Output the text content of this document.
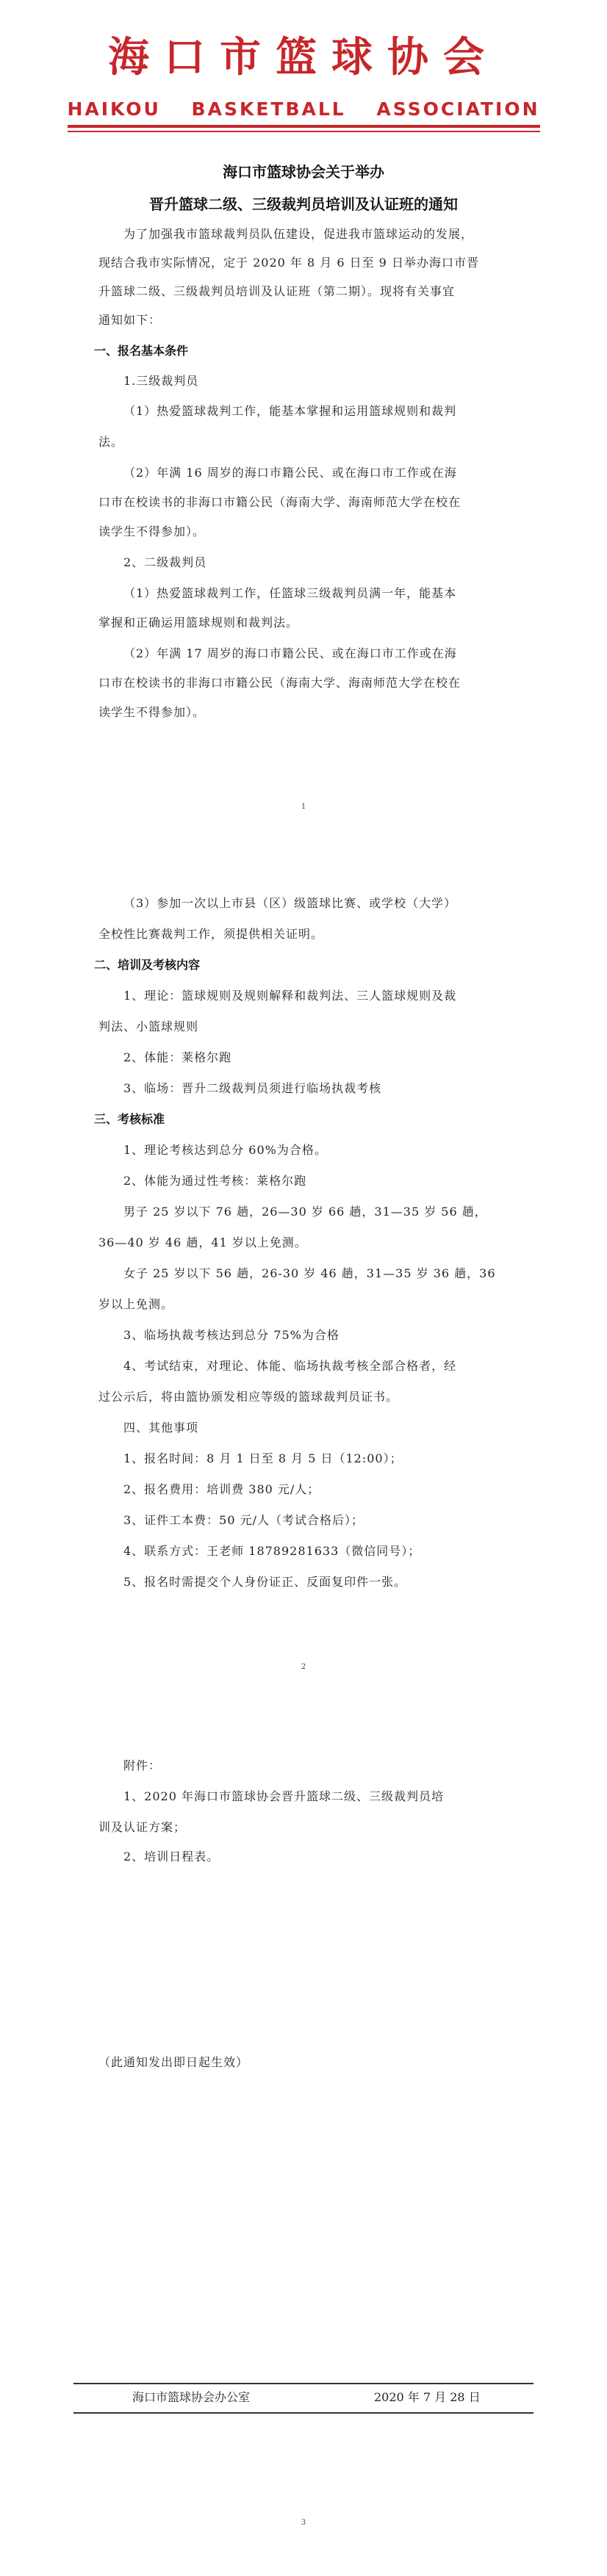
海口市篮球协会
HAIKOU BASKETBALL ASSOCIATION
海口市篮球协会关于举办
晋升篮球二级、三级裁判员培训及认证班的通知
为了加强我市篮球裁判员队伍建设，促进我市篮球运动的发展，
现结合我市实际情况，定于 2020 年 8 月 6 日至 9 日举办海口市晋
升篮球二级、三级裁判员培训及认证班（第二期）。现将有关事宜
通知如下：
一、报名基本条件
1.三级裁判员
（1）热爱篮球裁判工作，能基本掌握和运用篮球规则和裁判
法。
（2）年满 16 周岁的海口市籍公民、或在海口市工作或在海
口市在校读书的非海口市籍公民（海南大学、海南师范大学在校在
读学生不得参加）。
2、二级裁判员
（1）热爱篮球裁判工作，任篮球三级裁判员满一年，能基本
掌握和正确运用篮球规则和裁判法。
（2）年满 17 周岁的海口市籍公民、或在海口市工作或在海
口市在校读书的非海口市籍公民（海南大学、海南师范大学在校在
读学生不得参加）。
1
（3）参加一次以上市县（区）级篮球比赛、或学校（大学）
全校性比赛裁判工作，须提供相关证明。
二、培训及考核内容
1、理论：篮球规则及规则解释和裁判法、三人篮球规则及裁
判法、小篮球规则
2、体能：莱格尔跑
3、临场：晋升二级裁判员须进行临场执裁考核
三、考核标准
1、理论考核达到总分 60%为合格。
2、体能为通过性考核：莱格尔跑
男子 25 岁以下 76 趟，26—30 岁 66 趟，31—35 岁 56 趟，
36—40 岁 46 趟，41 岁以上免测。
女子 25 岁以下 56 趟，26-30 岁 46 趟，31—35 岁 36 趟，36
岁以上免测。
3、临场执裁考核达到总分 75%为合格
4、考试结束，对理论、体能、临场执裁考核全部合格者，经
过公示后，将由篮协颁发相应等级的篮球裁判员证书。
四、其他事项
1、报名时间：8 月 1 日至 8 月 5 日（12:00）；
2、报名费用：培训费 380 元/人；
3、证件工本费：50 元/人（考试合格后）；
4、联系方式：王老师 18789281633（微信同号）；
5、报名时需提交个人身份证正、反面复印件一张。
2
附件：
1、2020 年海口市篮球协会晋升篮球二级、三级裁判员培
训及认证方案；
2、培训日程表。
（此通知发出即日起生效）
海口市篮球协会办公室	2020 年 7 月 28 日
3
